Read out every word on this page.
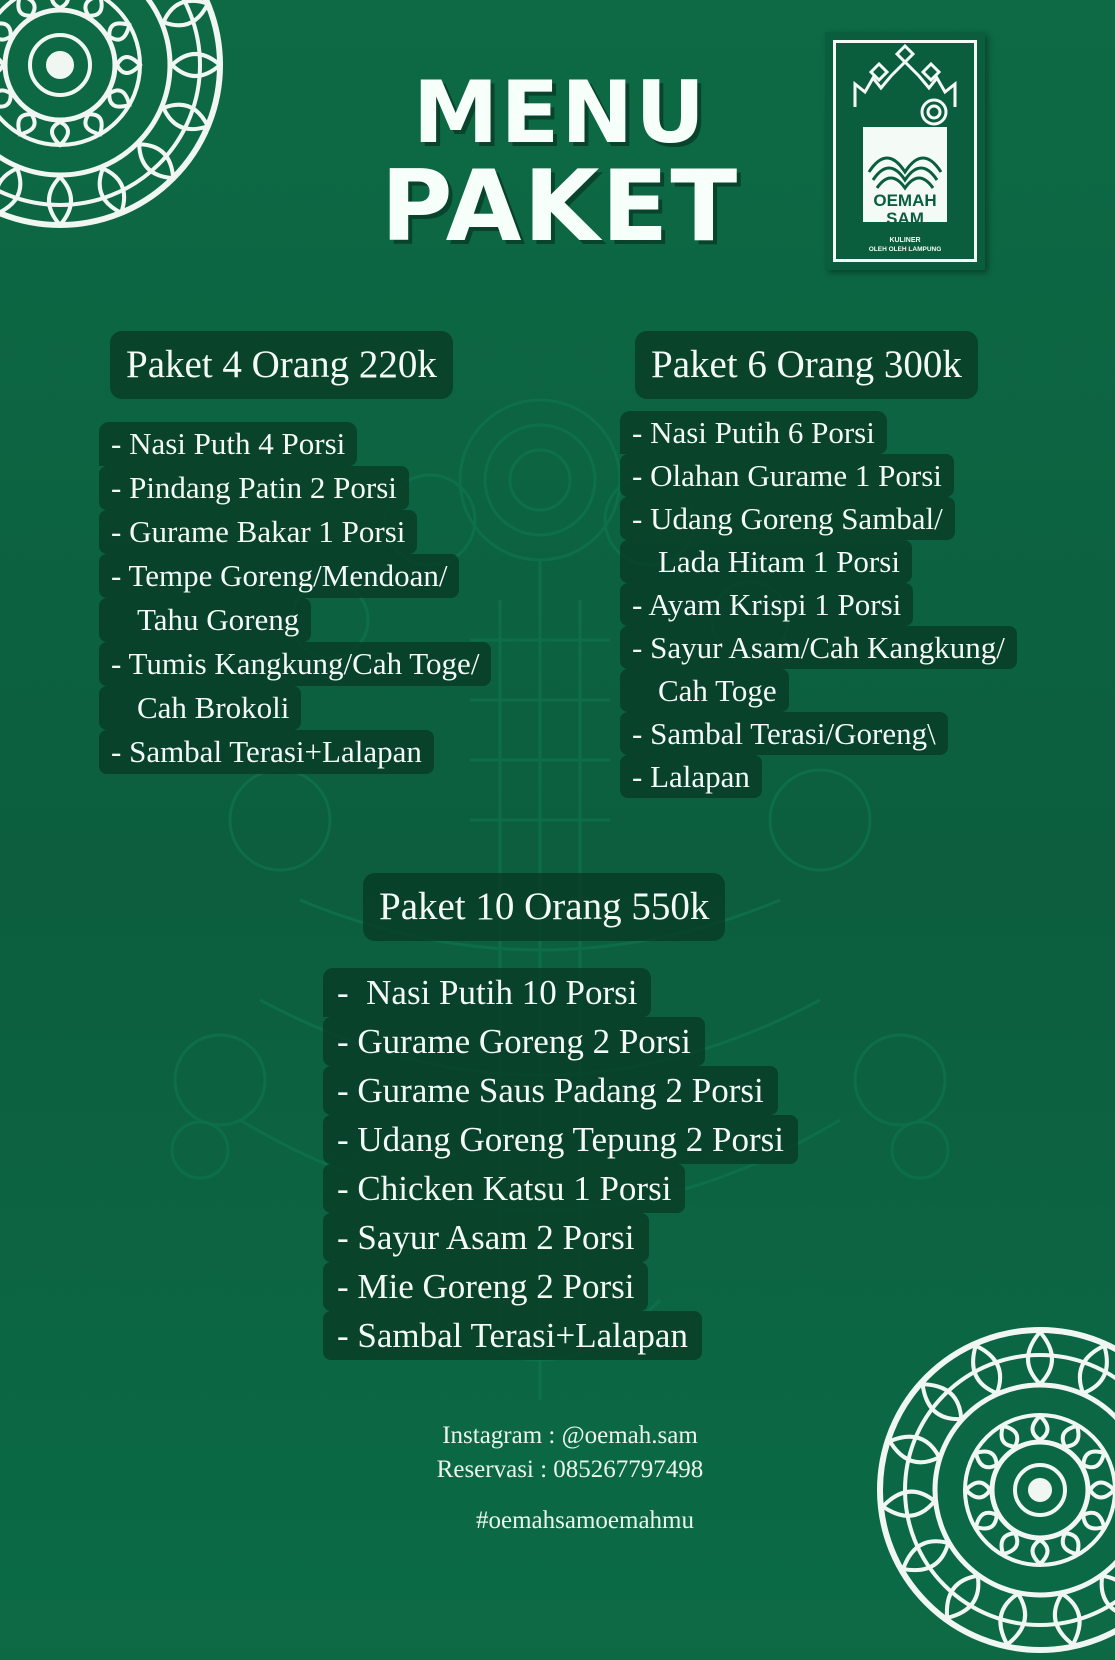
MENU
PAKET	OEMAH
SAM
KULINER
OLEH OLEH LAMPUNG
Paket 4 Orang 220k
- Nasi Puth 4 Porsi
- Pindang Patin 2 Porsi
- Gurame Bakar 1 Porsi
- Tempe Goreng/Mendoan/
Tahu Goreng
- Tumis Kangkung/Cah Toge/
Cah Brokoli
- Sambal Terasi+Lalapan
Paket 6 Orang 300k
- Nasi Putih 6 Porsi
- Olahan Gurame 1 Porsi
- Udang Goreng Sambal/
Lada Hitam 1 Porsi
- Ayam Krispi 1 Porsi
- Sayur Asam/Cah Kangkung/
Cah Toge
- Sambal Terasi/Goreng\
- Lalapan
Paket 10 Orang 550k
-  Nasi Putih 10 Porsi
- Gurame Goreng 2 Porsi
- Gurame Saus Padang 2 Porsi
- Udang Goreng Tepung 2 Porsi
- Chicken Katsu 1 Porsi
- Sayur Asam 2 Porsi
- Mie Goreng 2 Porsi
- Sambal Terasi+Lalapan
Instagram : @oemah.sam
Reservasi : 085267797498
#oemahsamoemahmu
